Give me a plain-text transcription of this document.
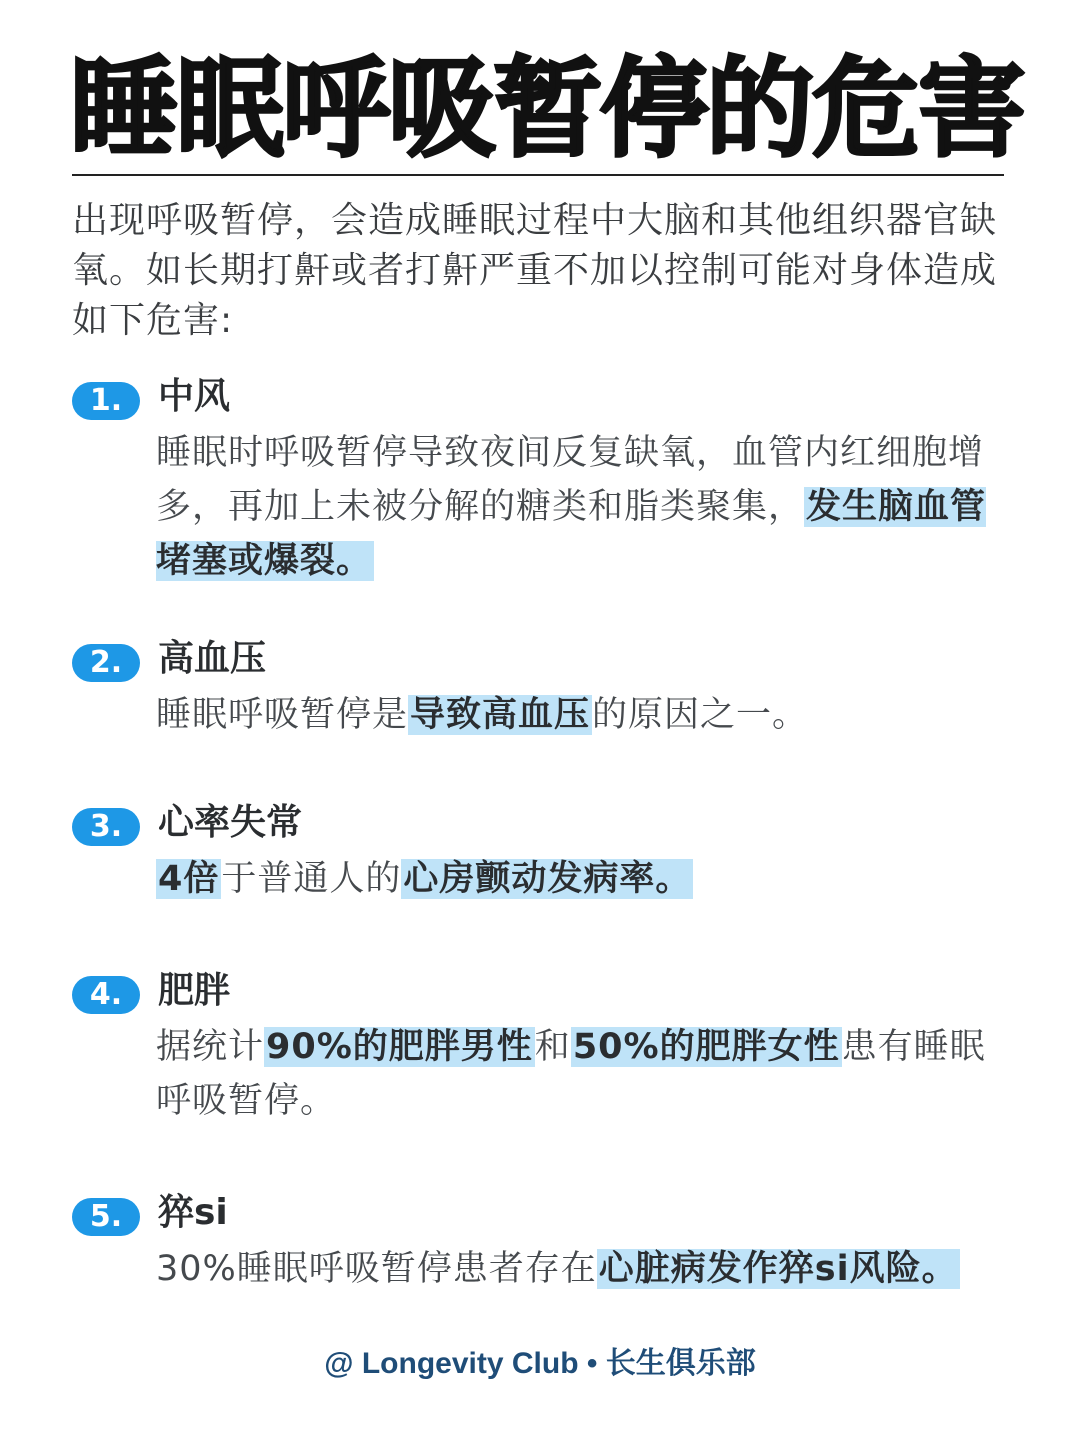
睡眠呼吸暂停的危害

出现呼吸暂停，会造成睡眠过程中大脑和其他组织器官缺氧。如长期打鼾或者打鼾严重不加以控制可能对身体造成如下危害:

1. 中风

睡眠时呼吸暂停导致夜间反复缺氧，血管内红细胞增多，再加上未被分解的糖类和脂类聚集，发生脑血管堵塞或爆裂。

2. 高血压

睡眠呼吸暂停是导致高血压的原因之一。

3. 心率失常

4倍于普通人的心房颤动发病率。

4. 肥胖

据统计90%的肥胖男性和50%的肥胖女性患有睡眠呼吸暂停。

5. 猝si

30%睡眠呼吸暂停患者存在心脏病发作猝si风险。

@ Longevity Club • 长生俱乐部
